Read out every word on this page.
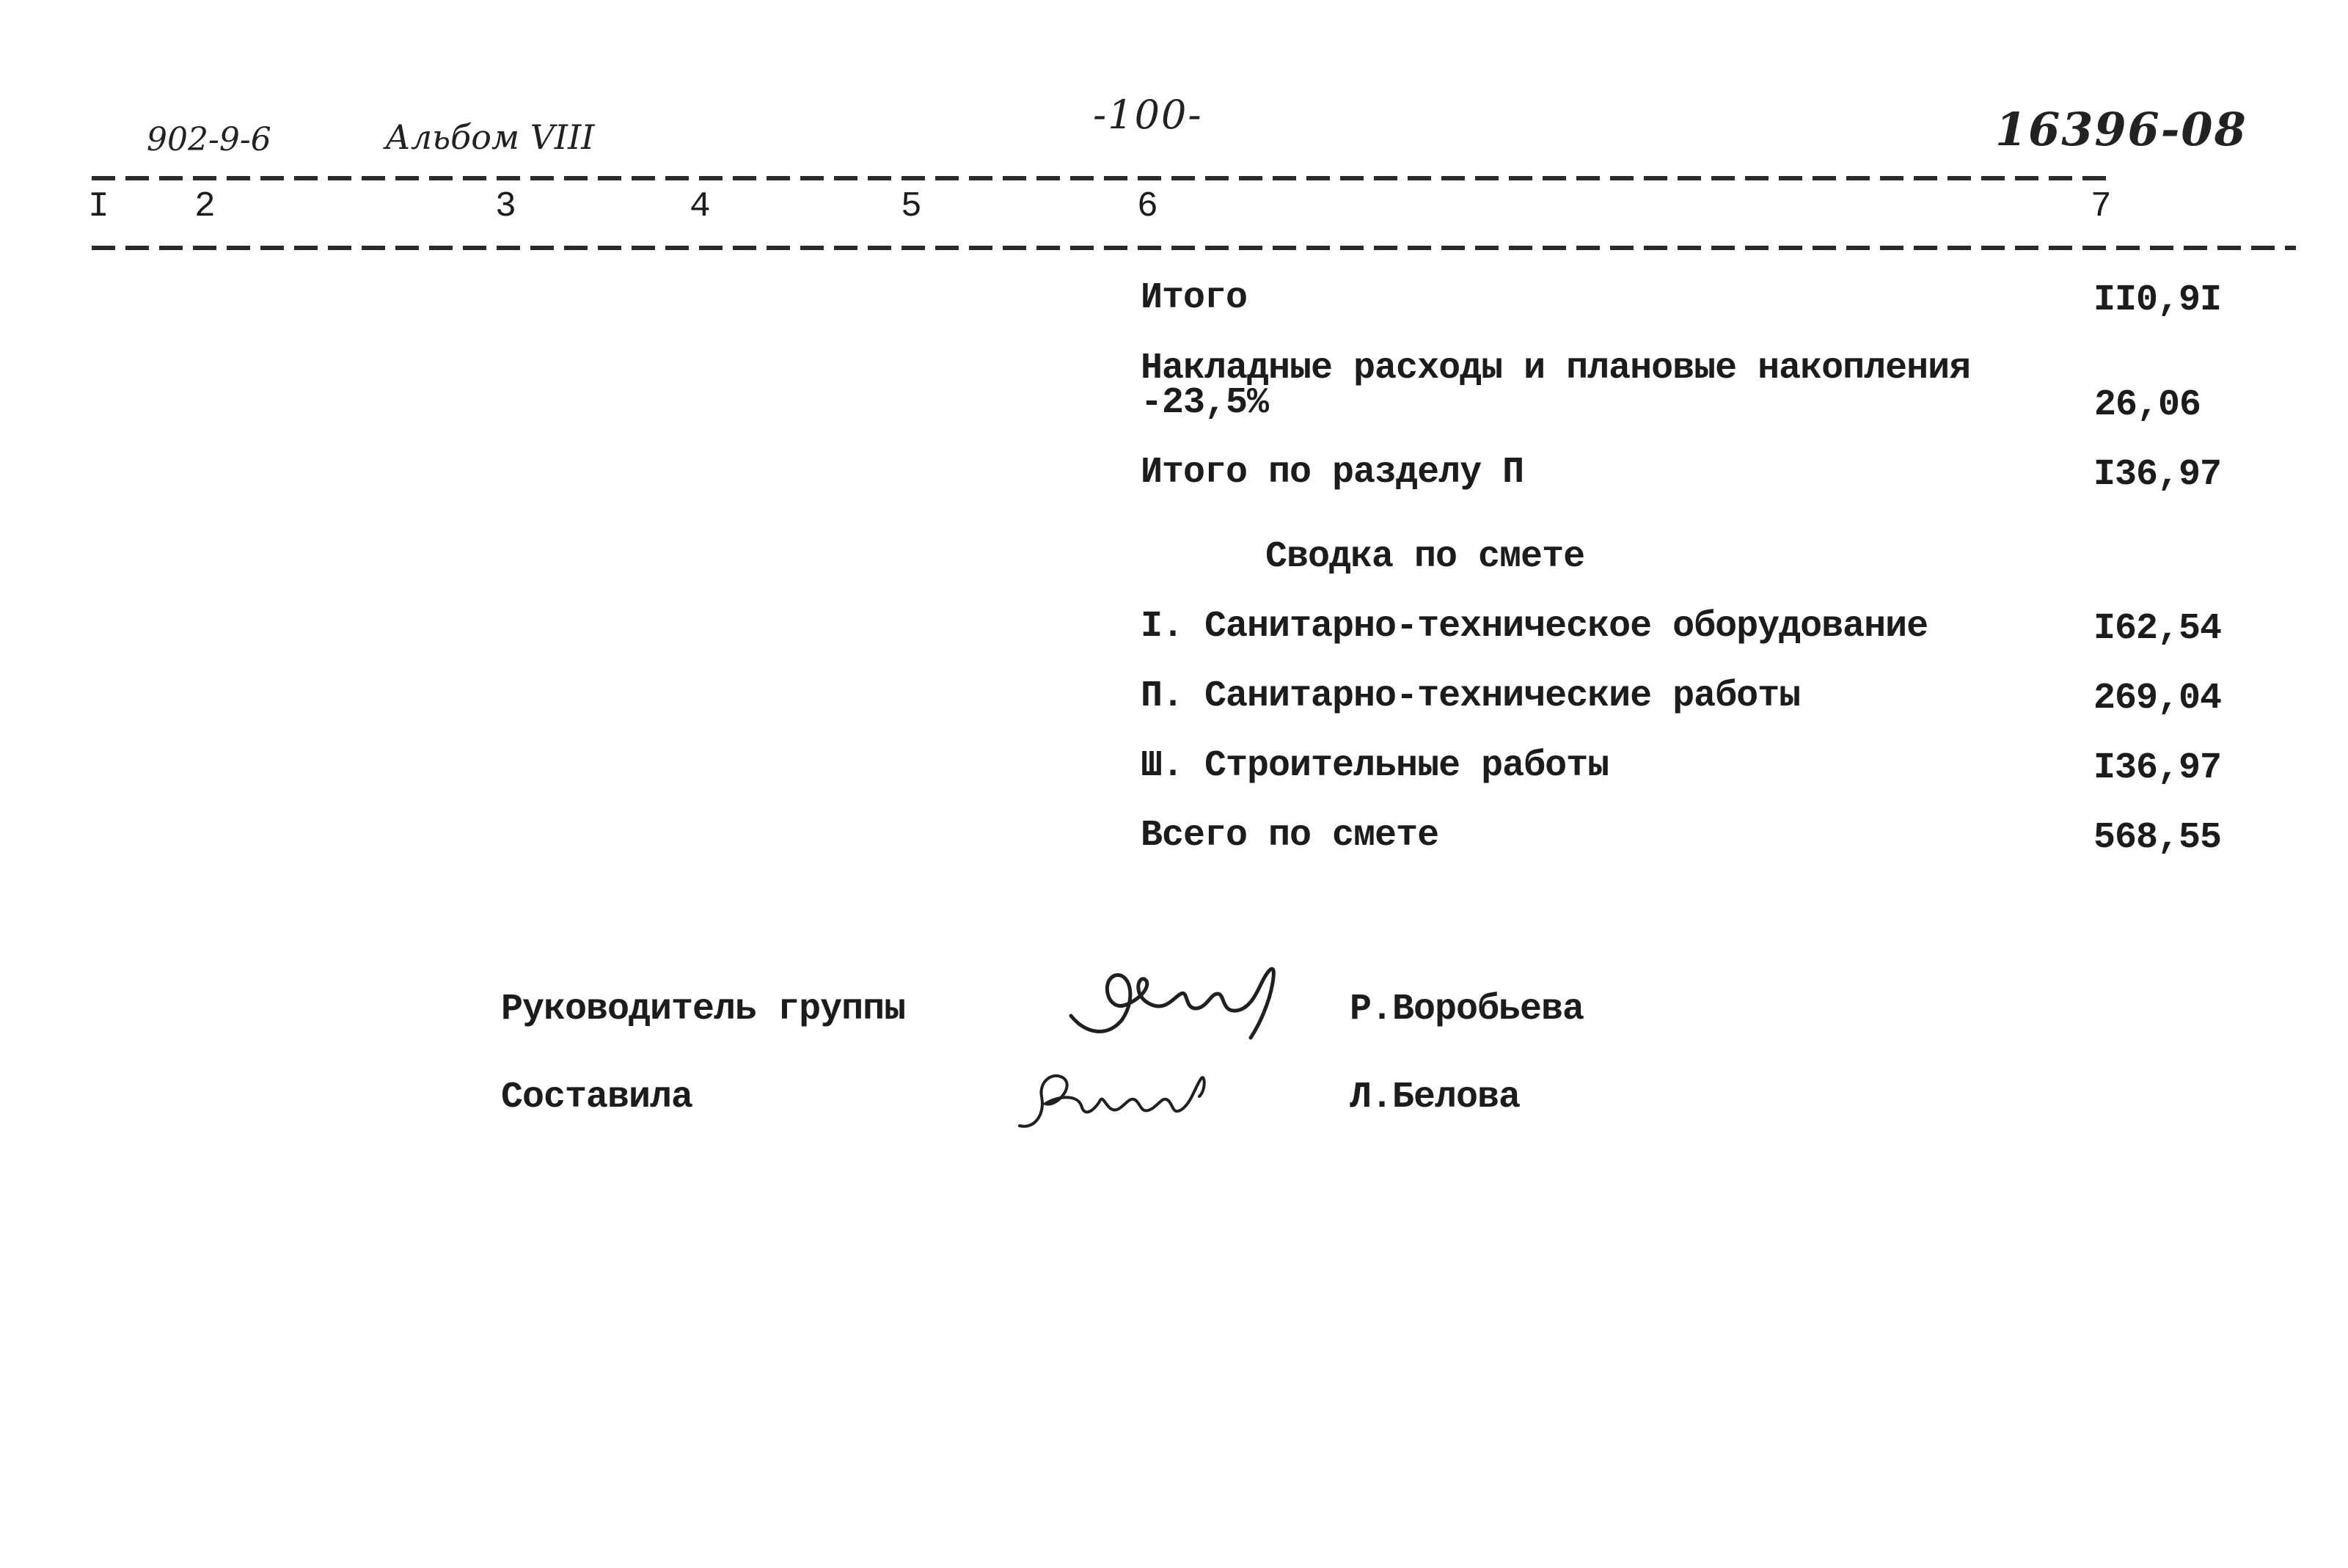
902-9-6	Альбом VIII	-100-	16396-08
I 2	3	4	5	6	7
Итого	II0,9I
Накладные расходы и плановые накопления
-23,5%	26,06
Итого по разделу П	I36,97
Сводка по смете
I. Санитарно-техническое оборудование	I62,54
П. Санитарно-технические работы	269,04
Ш. Строительные работы	I36,97
Всего по смете	568,55
Руководитель группы	Р.Воробьева
Составила	Л.Белова
